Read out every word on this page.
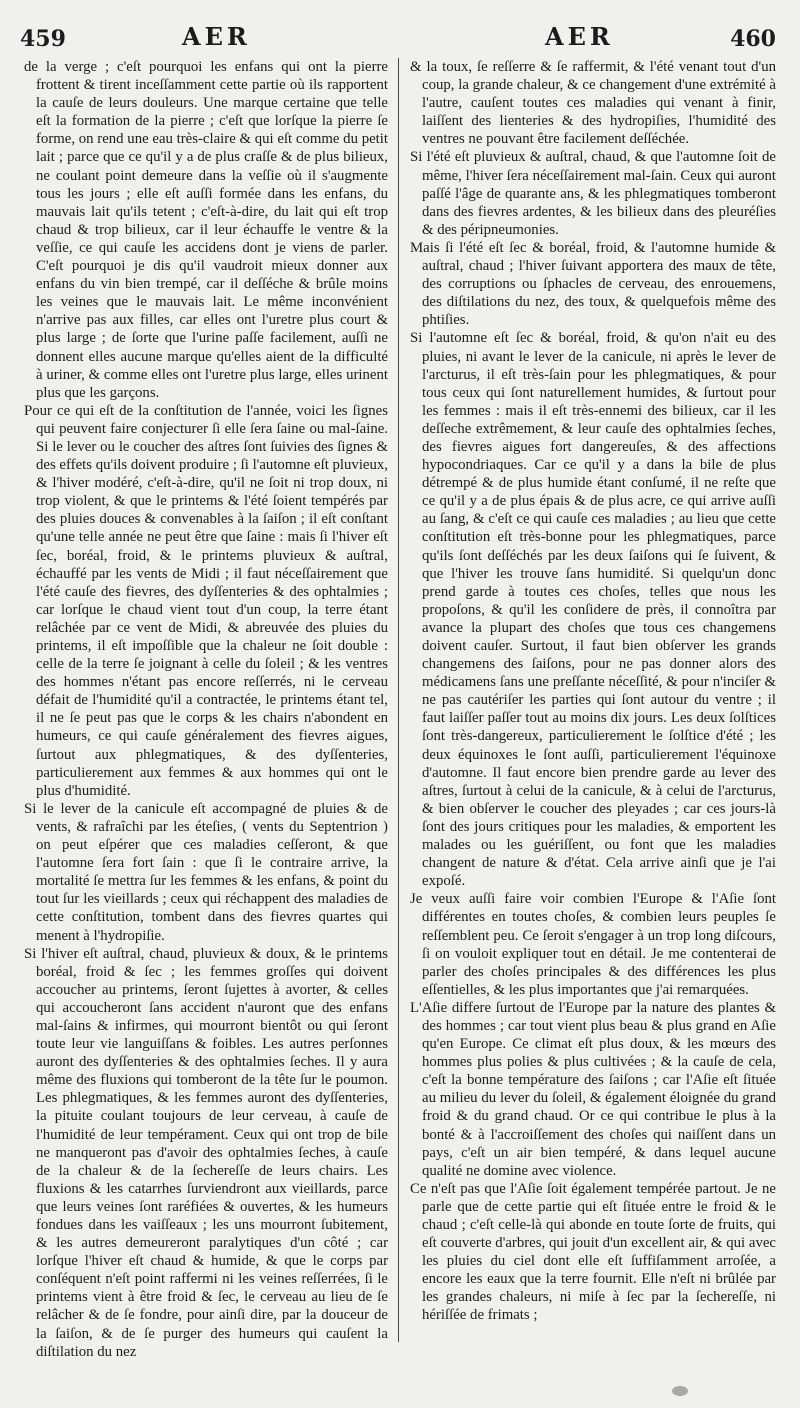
459	AER	AER	460

de la verge ; c'eſt pourquoi les enfans qui ont la pierre frottent & tirent inceſſamment cette partie où ils rapportent la cauſe de leurs douleurs. Une marque certaine que telle eſt la formation de la pierre ; c'eſt que lorſque la pierre ſe forme, on rend une eau très-claire & qui eſt comme du petit lait ; parce que ce qu'il y a de plus craſſe & de plus bilieux, ne coulant point demeure dans la veſſie où il s'augmente tous les jours ; elle eſt auſſi formée dans les enfans, du mauvais lait qu'ils tetent ; c'eſt-à-dire, du lait qui eſt trop chaud & trop bilieux, car il leur échauffe le ventre & la veſſie, ce qui cauſe les accidens dont je viens de parler. C'eſt pourquoi je dis qu'il vaudroit mieux donner aux enfans du vin bien trempé, car il deſſéche & brûle moins les veines que le mauvais lait. Le même inconvénient n'arrive pas aux filles, car elles ont l'uretre plus court & plus large ; de ſorte que l'urine paſſe facilement, auſſi ne donnent elles aucune marque qu'elles aient de la difficulté à uriner, & comme elles ont l'uretre plus large, elles urinent plus que les garçons.

Pour ce qui eſt de la conſtitution de l'année, voici les ſignes qui peuvent faire conjecturer ſi elle ſera ſaine ou mal-ſaine. Si le lever ou le coucher des aſtres ſont ſuivies des ſignes & des effets qu'ils doivent produire ; ſi l'automne eſt pluvieux, & l'hiver modéré, c'eſt-à-dire, qu'il ne ſoit ni trop doux, ni trop violent, & que le printems & l'été ſoient tempérés par des pluies douces & convenables à la ſaiſon ; il eſt conſtant qu'une telle année ne peut être que ſaine : mais ſi l'hiver eſt ſec, boréal, froid, & le printems pluvieux & auſtral, échauffé par les vents de Midi ; il faut néceſſairement que l'été cauſe des fievres, des dyſſenteries & des ophtalmies ; car lorſque le chaud vient tout d'un coup, la terre étant relâchée par ce vent de Midi, & abreuvée des pluies du printems, il eſt impoſſible que la chaleur ne ſoit double : celle de la terre ſe joignant à celle du ſoleil ; & les ventres des hommes n'étant pas encore reſſerrés, ni le cerveau défait de l'humidité qu'il a contractée, le printems étant tel, il ne ſe peut pas que le corps & les chairs n'abondent en humeurs, ce qui cauſe généralement des fievres aigues, ſurtout aux phlegmatiques, & des dyſſenteries, particulierement aux femmes & aux hommes qui ont le plus d'humidité.

Si le lever de la canicule eſt accompagné de pluies & de vents, & rafraîchi par les éteſies, ( vents du Septentrion ) on peut eſpérer que ces maladies ceſſeront, & que l'automne ſera fort ſain : que ſi le contraire arrive, la mortalité ſe mettra ſur les femmes & les enfans, & point du tout ſur les vieillards ; ceux qui réchappent des maladies de cette conſtitution, tombent dans des fievres quartes qui menent à l'hydropiſie.

Si l'hiver eſt auſtral, chaud, pluvieux & doux, & le printems boréal, froid & ſec ; les femmes groſſes qui doivent accoucher au printems, ſeront ſujettes à avorter, & celles qui accoucheront ſans accident n'auront que des enfans mal-ſains & infirmes, qui mourront bientôt ou qui ſeront toute leur vie languiſſans & foibles. Les autres perſonnes auront des dyſſenteries & des ophtalmies ſeches. Il y aura même des fluxions qui tomberont de la tête ſur le poumon. Les phlegmatiques, & les femmes auront des dyſſenteries, la pituite coulant toujours de leur cerveau, à cauſe de l'humidité de leur tempérament. Ceux qui ont trop de bile ne manqueront pas d'avoir des ophtalmies ſeches, à cauſe de la chaleur & de la ſechereſſe de leurs chairs. Les fluxions & les catarrhes ſurviendront aux vieillards, parce que leurs veines ſont raréfiées & ouvertes, & les humeurs fondues dans les vaiſſeaux ; les uns mourront ſubitement, & les autres demeureront paralytiques d'un côté ; car lorſque l'hiver eſt chaud & humide, & que le corps par conſéquent n'eſt point raffermi ni les veines reſſerrées, ſi le printems vient à être froid & ſec, le cerveau au lieu de ſe relâcher & de ſe fondre, pour ainſi dire, par la douceur de la ſaiſon, & de ſe purger des humeurs qui cauſent la diſtilation du nez

& la toux, ſe reſſerre & ſe raffermit, & l'été venant tout d'un coup, la grande chaleur, & ce changement d'une extrémité à l'autre, cauſent toutes ces maladies qui venant à finir, laiſſent des lienteries & des hydropiſies, l'humidité des ventres ne pouvant être facilement deſſéchée.

Si l'été eſt pluvieux & auſtral, chaud, & que l'automne ſoit de même, l'hiver ſera néceſſairement mal-ſain. Ceux qui auront paſſé l'âge de quarante ans, & les phlegmatiques tomberont dans des fievres ardentes, & les bilieux dans des pleuréſies & des péripneumonies.

Mais ſi l'été eſt ſec & boréal, froid, & l'automne humide & auſtral, chaud ; l'hiver ſuivant apportera des maux de tête, des corruptions ou ſphacles de cerveau, des enrouemens, des diſtilations du nez, des toux, & quelquefois même des phtiſies.

Si l'automne eſt ſec & boréal, froid, & qu'on n'ait eu des pluies, ni avant le lever de la canicule, ni après le lever de l'arcturus, il eſt très-ſain pour les phlegmatiques, & pour tous ceux qui ſont naturellement humides, & ſurtout pour les femmes : mais il eſt très-ennemi des bilieux, car il les deſſeche extrêmement, & leur cauſe des ophtalmies ſeches, des fievres aigues fort dangereuſes, & des affections hypocondriaques. Car ce qu'il y a dans la bile de plus détrempé & de plus humide étant conſumé, il ne reſte que ce qu'il y a de plus épais & de plus acre, ce qui arrive auſſi au ſang, & c'eſt ce qui cauſe ces maladies ; au lieu que cette conſtitution eſt très-bonne pour les phlegmatiques, parce qu'ils ſont deſſéchés par les deux ſaiſons qui ſe ſuivent, & que l'hiver les trouve ſans humidité. Si quelqu'un donc prend garde à toutes ces choſes, telles que nous les propoſons, & qu'il les conſidere de près, il connoîtra par avance la plupart des choſes que tous ces changemens doivent cauſer. Surtout, il faut bien obſerver les grands changemens des ſaiſons, pour ne pas donner alors des médicamens ſans une preſſante néceſſité, & pour n'inciſer & ne pas cautériſer les parties qui ſont autour du ventre ; il faut laiſſer paſſer tout au moins dix jours. Les deux ſolſtices ſont très-dangereux, particulierement le ſolſtice d'été ; les deux équinoxes le ſont auſſi, particulierement l'équinoxe d'automne. Il faut encore bien prendre garde au lever des aſtres, ſurtout à celui de la canicule, & à celui de l'arcturus, & bien obſerver le coucher des pleyades ; car ces jours-là ſont des jours critiques pour les maladies, & emportent les malades ou les guériſſent, ou font que les maladies changent de nature & d'état. Cela arrive ainſi que je l'ai expoſé.

Je veux auſſi faire voir combien l'Europe & l'Aſie ſont différentes en toutes choſes, & combien leurs peuples ſe reſſemblent peu. Ce ſeroit s'engager à un trop long diſcours, ſi on vouloit expliquer tout en détail. Je me contenterai de parler des choſes principales & des différences les plus eſſentielles, & les plus importantes que j'ai remarquées.

L'Aſie differe ſurtout de l'Europe par la nature des plantes & des hommes ; car tout vient plus beau & plus grand en Aſie qu'en Europe. Ce climat eſt plus doux, & les mœurs des hommes plus polies & plus cultivées ; & la cauſe de cela, c'eſt la bonne température des ſaiſons ; car l'Aſie eſt ſituée au milieu du lever du ſoleil, & également éloignée du grand froid & du grand chaud. Or ce qui contribue le plus à la bonté & à l'accroiſſement des choſes qui naiſſent dans un pays, c'eſt un air bien tempéré, & dans lequel aucune qualité ne domine avec violence.

Ce n'eſt pas que l'Aſie ſoit également tempérée partout. Je ne parle que de cette partie qui eſt ſituée entre le froid & le chaud ; c'eſt celle-là qui abonde en toute ſorte de fruits, qui eſt couverte d'arbres, qui jouit d'un excellent air, & qui avec les pluies du ciel dont elle eſt ſuffiſamment arroſée, a encore les eaux que la terre fournit. Elle n'eſt ni brûlée par les grandes chaleurs, ni miſe à ſec par la ſechereſſe, ni hériſſée de frimats ;
